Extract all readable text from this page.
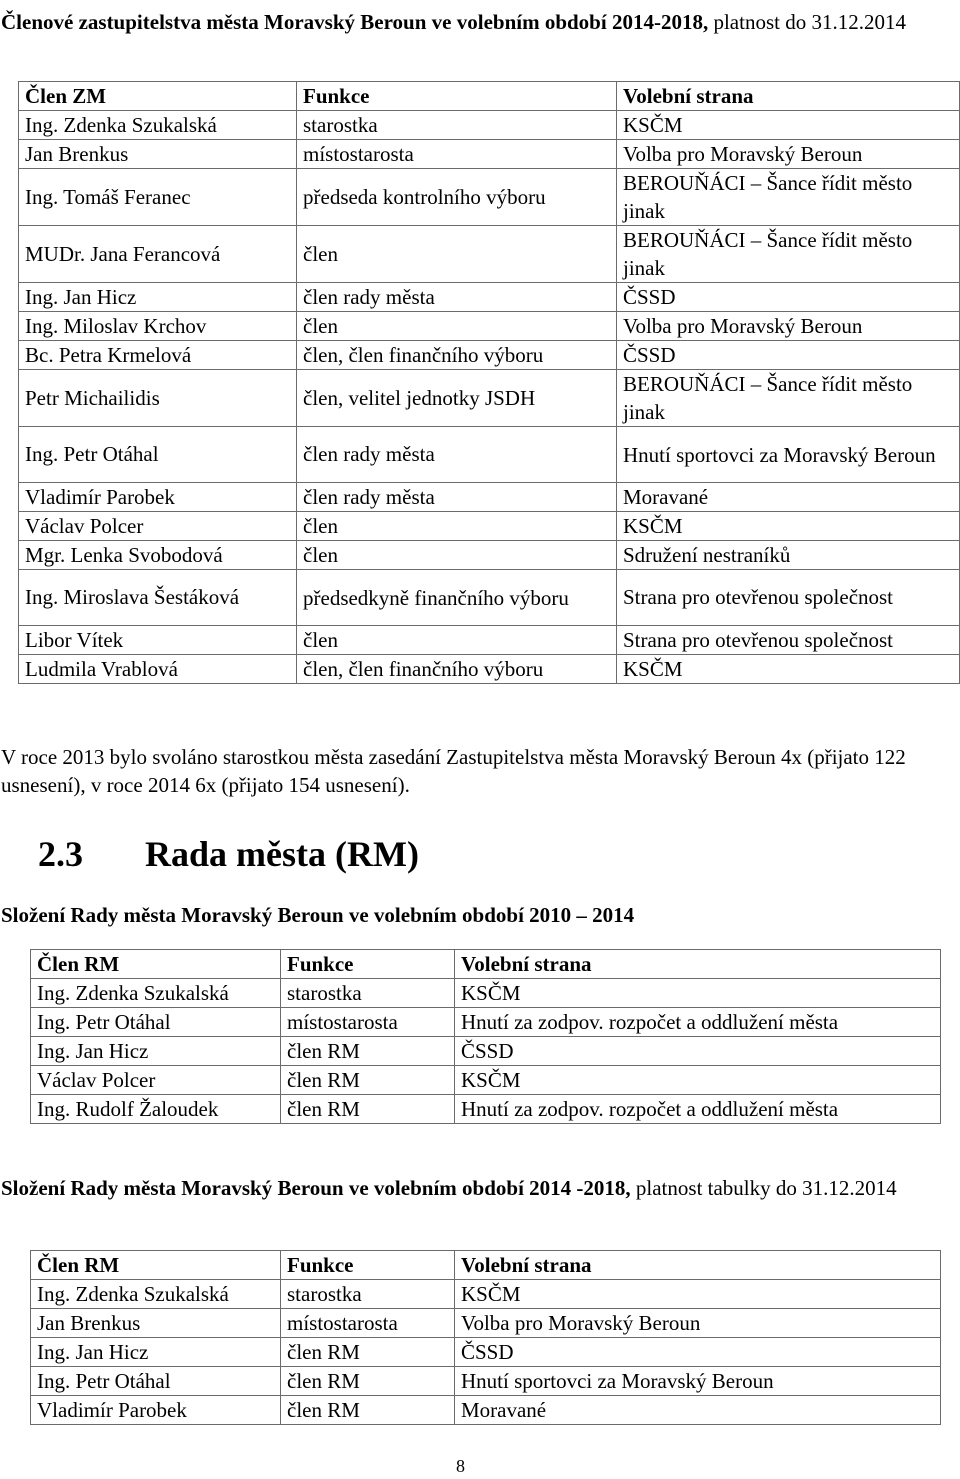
Členové zastupitelstva města Moravský Beroun ve volebním období 2014-2018, platnost do 31.12.2014
Člen ZM	Funkce	Volební strana
Ing. Zdenka Szukalská	starostka	KSČM
Jan Brenkus	místostarosta	Volba pro Moravský Beroun
Ing. Tomáš Feranec	předseda kontrolního výboru	BEROUŇÁCI – Šance řídit město jinak
MUDr. Jana Ferancová	člen	BEROUŇÁCI – Šance řídit město jinak
Ing. Jan Hicz	člen rady města	ČSSD
Ing. Miloslav Krchov	člen	Volba pro Moravský Beroun
Bc. Petra Krmelová	člen, člen finančního výboru	ČSSD
Petr Michailidis	člen, velitel jednotky JSDH	BEROUŇÁCI – Šance řídit město jinak
Ing. Petr Otáhal	člen rady města	Hnutí sportovci za Moravský Beroun
Vladimír Parobek	člen rady města	Moravané
Václav Polcer	člen	KSČM
Mgr. Lenka Svobodová	člen	Sdružení nestraníků
Ing. Miroslava Šestáková	předsedkyně finančního výboru	Strana pro otevřenou společnost
Libor Vítek	člen	Strana pro otevřenou společnost
Ludmila Vrablová	člen, člen finančního výboru	KSČM
V roce 2013 bylo svoláno starostkou města zasedání Zastupitelstva města Moravský Beroun 4x (přijato 122 usnesení), v roce 2014 6x (přijato 154 usnesení).
2.3 Rada města (RM)
Složení Rady města Moravský Beroun ve volebním období 2010 – 2014
Člen RM	Funkce	Volební strana
Ing. Zdenka Szukalská	starostka	KSČM
Ing. Petr Otáhal	místostarosta	Hnutí za zodpov. rozpočet a oddlužení města
Ing. Jan Hicz	člen RM	ČSSD
Václav Polcer	člen RM	KSČM
Ing. Rudolf Žaloudek	člen RM	Hnutí za zodpov. rozpočet a oddlužení města
Složení Rady města Moravský Beroun ve volebním období 2014 -2018, platnost tabulky do 31.12.2014
Člen RM	Funkce	Volební strana
Ing. Zdenka Szukalská	starostka	KSČM
Jan Brenkus	místostarosta	Volba pro Moravský Beroun
Ing. Jan Hicz	člen RM	ČSSD
Ing. Petr Otáhal	člen RM	Hnutí sportovci za Moravský Beroun
Vladimír Parobek	člen RM	Moravané
8
